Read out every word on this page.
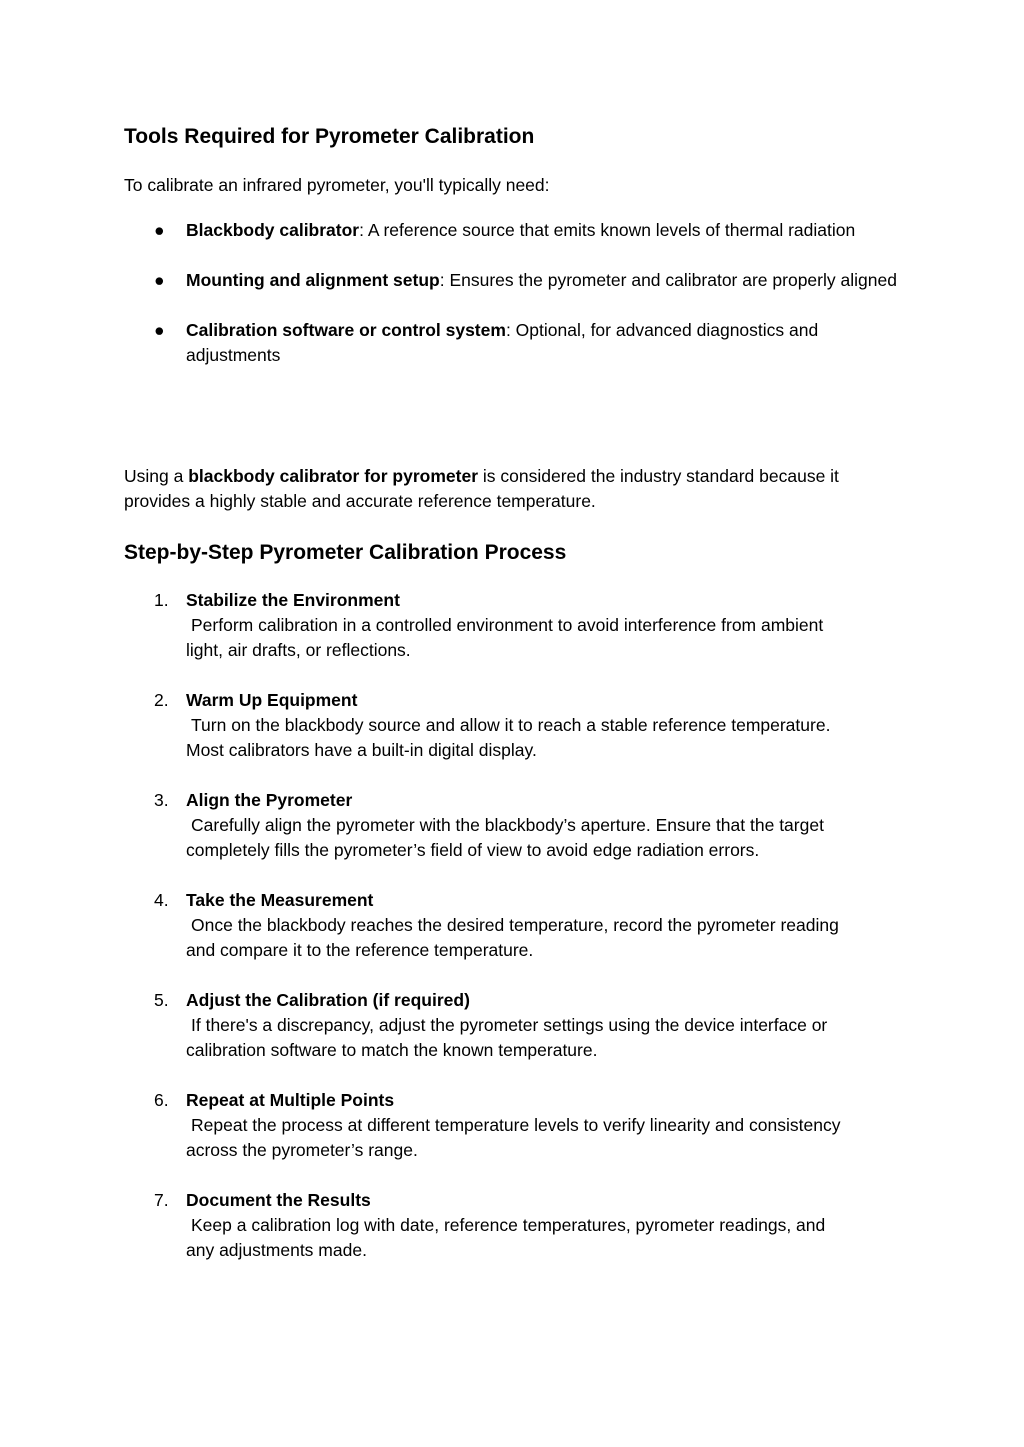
Tools Required for Pyrometer Calibration

To calibrate an infrared pyrometer, you'll typically need:

● Blackbody calibrator: A reference source that emits known levels of thermal radiation
● Mounting and alignment setup: Ensures the pyrometer and calibrator are properly aligned
● Calibration software or control system: Optional, for advanced diagnostics and adjustments

Using a blackbody calibrator for pyrometer is considered the industry standard because it provides a highly stable and accurate reference temperature.

Step-by-Step Pyrometer Calibration Process
1. Stabilize the Environment
Perform calibration in a controlled environment to avoid interference from ambient
light, air drafts, or reflections.
2. Warm Up Equipment
Turn on the blackbody source and allow it to reach a stable reference temperature.
Most calibrators have a built-in digital display.
3. Align the Pyrometer
Carefully align the pyrometer with the blackbody’s aperture. Ensure that the target
completely fills the pyrometer’s field of view to avoid edge radiation errors.
4. Take the Measurement
Once the blackbody reaches the desired temperature, record the pyrometer reading
and compare it to the reference temperature.
5. Adjust the Calibration (if required)
If there's a discrepancy, adjust the pyrometer settings using the device interface or
calibration software to match the known temperature.
6. Repeat at Multiple Points
Repeat the process at different temperature levels to verify linearity and consistency
across the pyrometer’s range.
7. Document the Results
Keep a calibration log with date, reference temperatures, pyrometer readings, and
any adjustments made.
